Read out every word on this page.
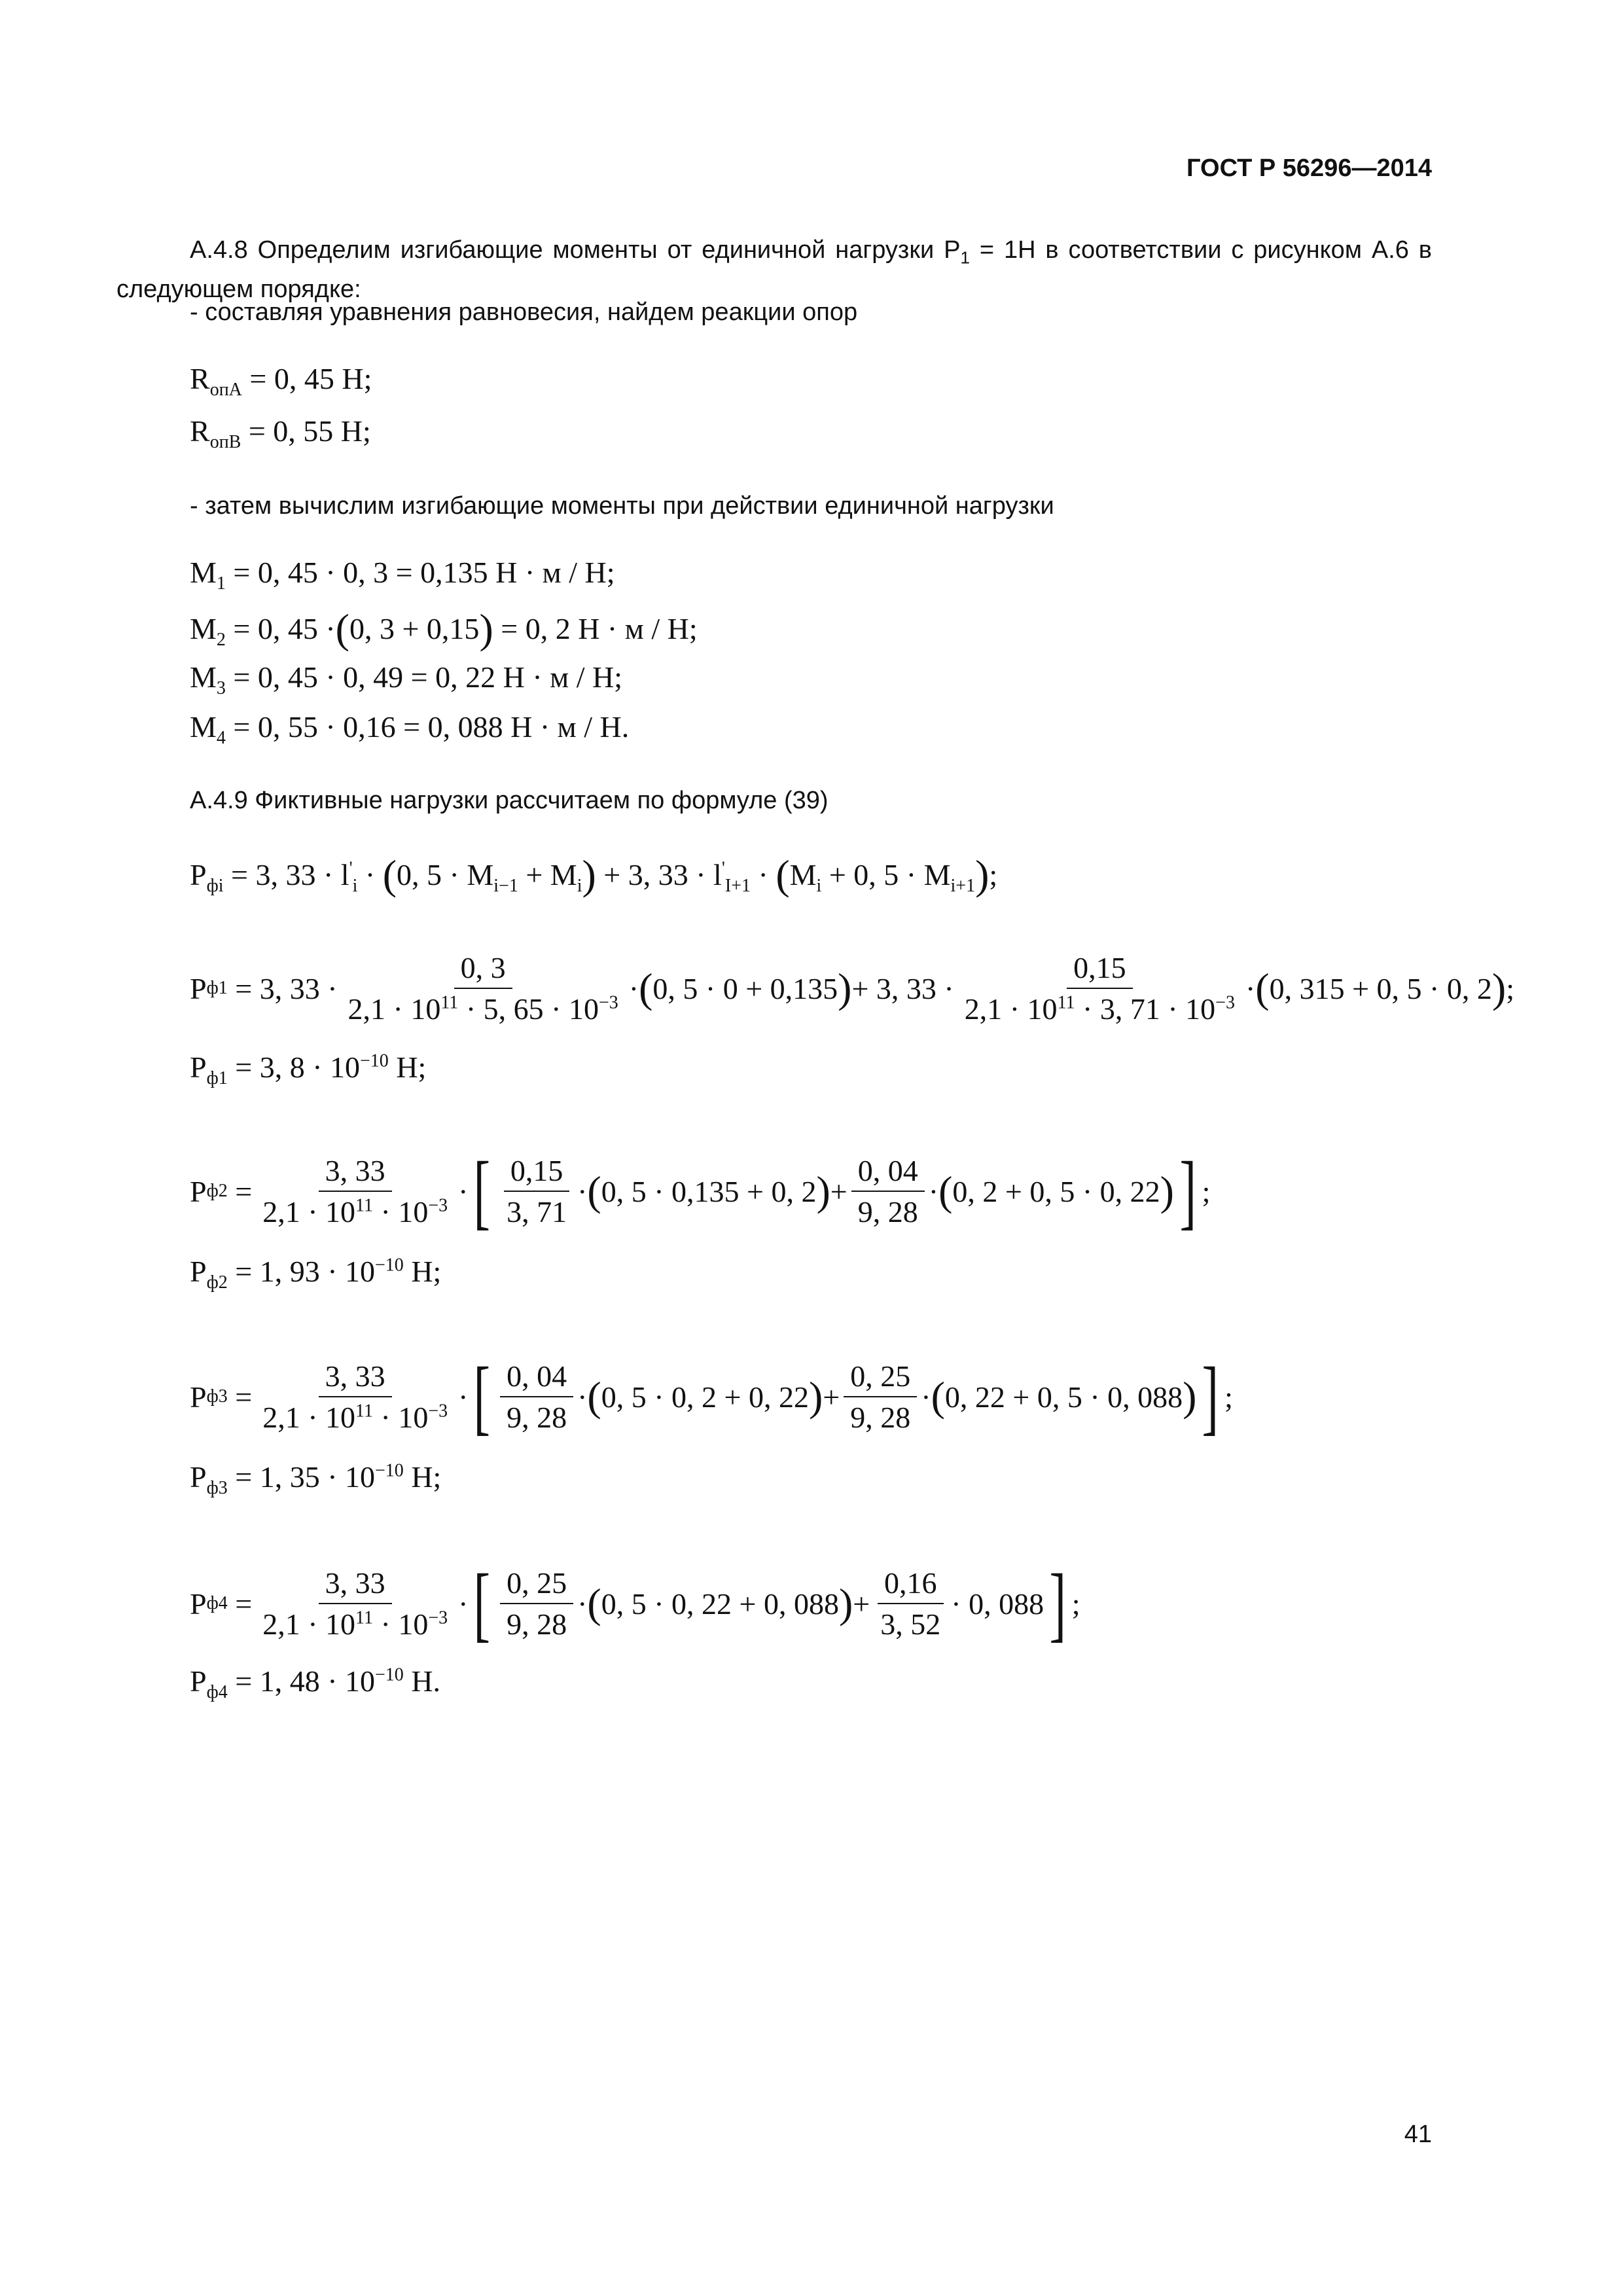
ГОСТ Р 56296—2014
А.4.8 Определим изгибающие моменты от единичной нагрузки $Р_1 = 1Н$ в соответствии с рисунком А.6 в следующем порядке:
- составляя уравнения равновесия, найдем реакции опор
$R_{опА} = 0$, 45 Н;
$R_{опВ} = 0$, 55 Н;
- затем вычислим изгибающие моменты при действии единичной нагрузки
$M_1 = 0$, 45 · 0, 3 = 0,135 Н · м / Н;
$M_2 = 0$, 45 ·(0, 3 + 0,15) = 0, 2 Н · м / Н;
$M_3 = 0$, 45 · 0, 49 = 0, 22 Н · м / Н;
$M_4 = 0$, 55 · 0,16 = 0, 088 Н · м / Н.
А.4.9 Фиктивные нагрузки рассчитаем по формуле (39)
$P_{фi} = 3$, $33 \cdot l'_i \cdot (0$, $5 \cdot M_{i-1} + M_i) + 3$, $33 \cdot l'_{I+1} \cdot (M_i + 0$, $5 \cdot M_{i+1}$);
P ф1
= 3, $33 \cdot \frac{0, 3}{2,1 \cdot 10^{11} \cdot 5, 65 \cdot 10^{-3}}$ · ( 0, 5 · 0 + 0,135 ) + 3, $33 \cdot \frac{0,15}{2,1 \cdot 10^{11} \cdot 3, 71 \cdot 10^{-3}}$ · ( 0, 315 + 0, 5 · 0, 2 ) ;
$P_{ф1} = 3$, $8 \cdot 10^{-10}$ Н;
P $ф2 = \frac{3, 33}{2,1 \cdot 10^{11} \cdot 10^{-3}}$ · [ $\frac{0,15}{3, 71}$ · ( 0, 5 · 0,135 + 0, 2 ) + $\frac{0, 04}{9, 28}$ · ( 0, 2 + 0, 5 · 0, 22 ) ] ;
$P_{ф2} = 1$, $93 \cdot 10^{-10}$ Н;
P $ф3 = \frac{3, 33}{2,1 \cdot 10^{11} \cdot 10^{-3}}$ · [ $\frac{0, 04}{9, 28}$ · ( 0, 5 · 0, 2 + 0, 22 ) + $\frac{0, 25}{9, 28}$ · ( 0, 22 + 0, 5 · 0, 088 ) ] ;
$P_{ф3} = 1$, $35 \cdot 10^{-10}$ Н;
P $ф4 = \frac{3, 33}{2,1 \cdot 10^{11} \cdot 10^{-3}}$ · [ $\frac{0, 25}{9, 28}$ · ( 0, 5 · 0, 22 + 0, 088 ) + $\frac{0,16}{3, 52} \cdot 0$, 088 ] ;
$P_{ф4} = 1$, $48 \cdot 10^{-10}$ Н.
41
